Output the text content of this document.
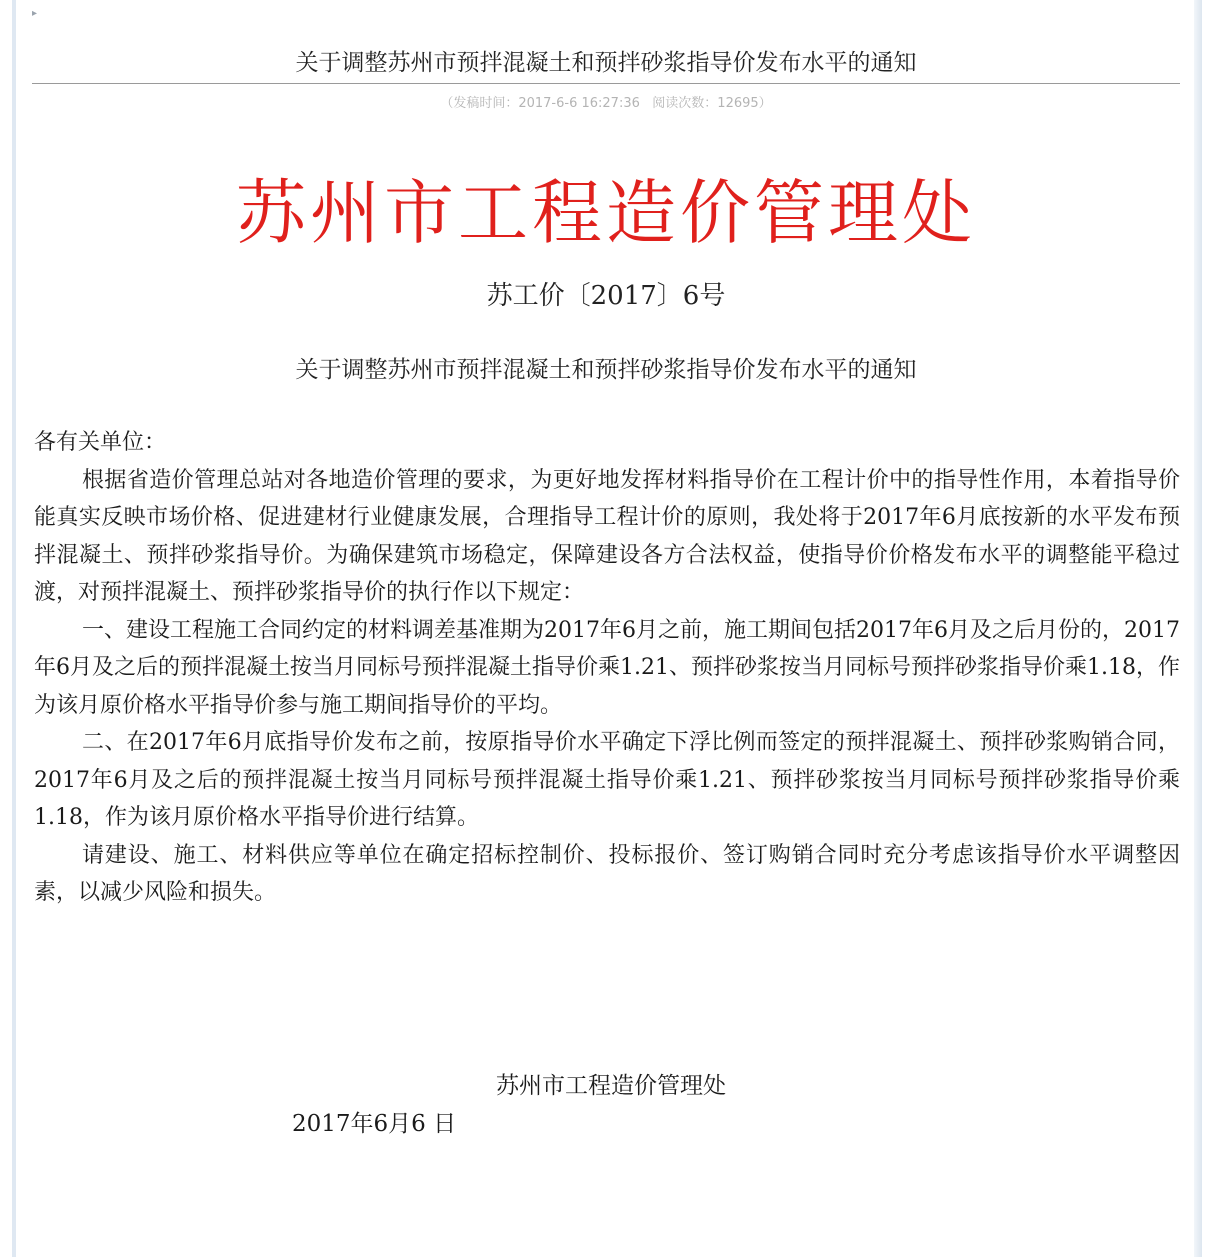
▸
关于调整苏州市预拌混凝土和预拌砂浆指导价发布水平的通知
（发稿时间：2017-6-6 16:27:36 阅读次数：12695）
苏州市工程造价管理处
苏工价〔2017〕6号
关于调整苏州市预拌混凝土和预拌砂浆指导价发布水平的通知

各有关单位：

根据省造价管理总站对各地造价管理的要求，为更好地发挥材料指导价在工程计价中的指导性作用，本着指导价能真实反映市场价格、促进建材行业健康发展，合理指导工程计价的原则，我处将于2017年6月底按新的水平发布预拌混凝土、预拌砂浆指导价。为确保建筑市场稳定，保障建设各方合法权益，使指导价价格发布水平的调整能平稳过渡，对预拌混凝土、预拌砂浆指导价的执行作以下规定：

一、建设工程施工合同约定的材料调差基准期为2017年6月之前，施工期间包括2017年6月及之后月份的，2017年6月及之后的预拌混凝土按当月同标号预拌混凝土指导价乘1.21、预拌砂浆按当月同标号预拌砂浆指导价乘1.18，作为该月原价格水平指导价参与施工期间指导价的平均。

二、在2017年6月底指导价发布之前，按原指导价水平确定下浮比例而签定的预拌混凝土、预拌砂浆购销合同，2017年6月及之后的预拌混凝土按当月同标号预拌混凝土指导价乘1.21、预拌砂浆按当月同标号预拌砂浆指导价乘1.18，作为该月原价格水平指导价进行结算。

请建设、施工、材料供应等单位在确定招标控制价、投标报价、签订购销合同时充分考虑该指导价水平调整因素，以减少风险和损失。

苏州市工程造价管理处
2017年6月6 日
